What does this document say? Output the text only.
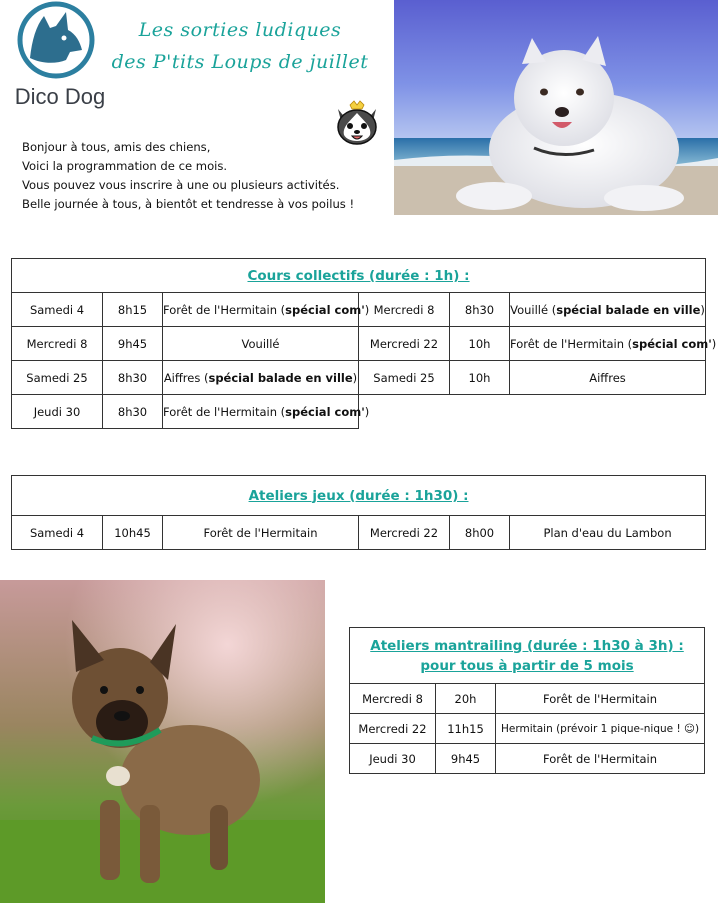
Dico Dog
Les sorties ludiques
des P'tits Loups de juillet
Bonjour à tous, amis des chiens,
Voici la programmation de ce mois.
Vous pouvez vous inscrire à une ou plusieurs activités.
Belle journée à tous, à bientôt et tendresse à vos poilus !
Cours collectifs (durée : 1h) :					
Samedi 4	8h15	Forêt de l'Hermitain (spécial com')	Mercredi 8	8h30	Vouillé (spécial balade en ville)
Mercredi 8	9h45	Vouillé	Mercredi 22	10h	Forêt de l'Hermitain (spécial com')
Samedi 25	8h30	Aiffres (spécial balade en ville)	Samedi 25	10h	Aiffres
Jeudi 30	8h30	Forêt de l'Hermitain (spécial com')			
Ateliers jeux (durée : 1h30) :
Samedi 4	10h45	Forêt de l'Hermitain	Mercredi 22	8h00	Plan d'eau du Lambon
Ateliers mantrailing (durée : 1h30 à 3h) :
pour tous à partir de 5 mois		

Mercredi 8	20h	Forêt de l'Hermitain
Mercredi 22	11h15	Hermitain (prévoir 1 pique-nique ! ☺)
Jeudi 30	9h45	Forêt de l'Hermitain
